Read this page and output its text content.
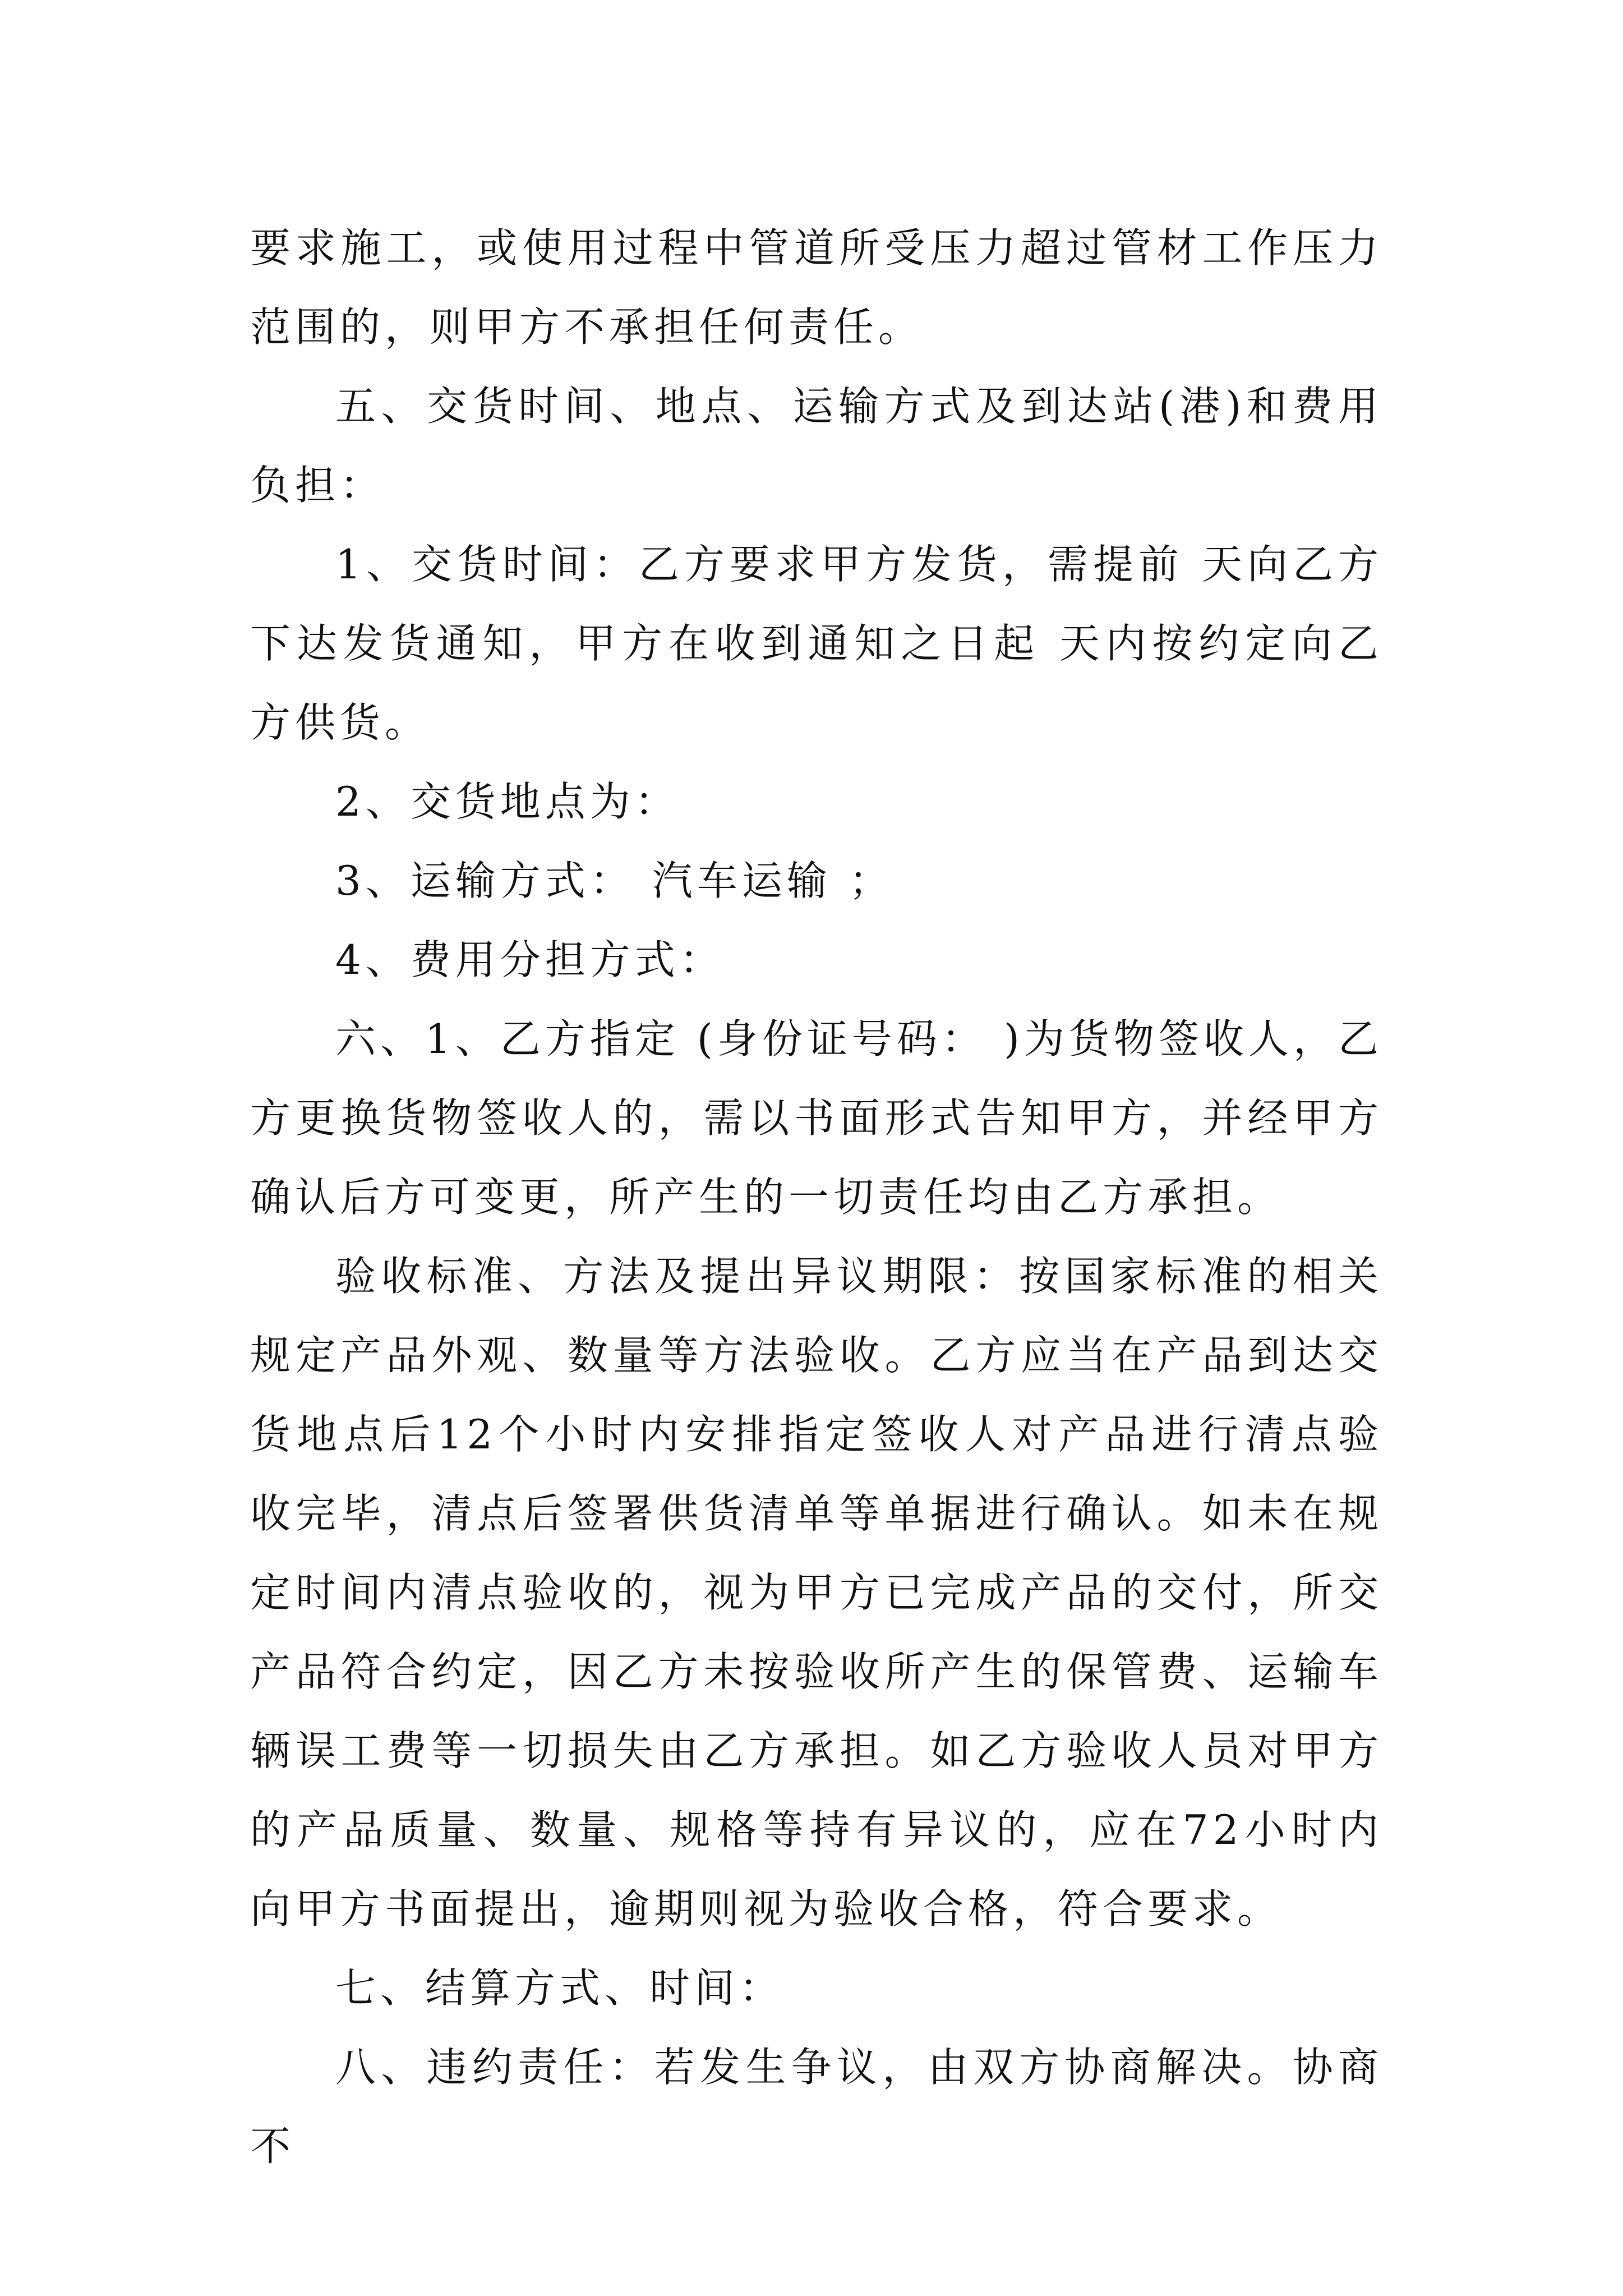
要求施工，或使用过程中管道所受压力超过管材工作压力范围的，则甲方不承担任何责任。

五、交货时间、地点、运输方式及到达站(港)和费用负担：

1、交货时间：乙方要求甲方发货，需提前 天向乙方下达发货通知，甲方在收到通知之日起 天内按约定向乙方供货。

2、交货地点为：

3、运输方式： 汽车运输 ；

4、费用分担方式：

六、1、乙方指定 (身份证号码： )为货物签收人，乙方更换货物签收人的，需以书面形式告知甲方，并经甲方确认后方可变更，所产生的一切责任均由乙方承担。

验收标准、方法及提出异议期限：按国家标准的相关规定产品外观、数量等方法验收。乙方应当在产品到达交货地点后12个小时内安排指定签收人对产品进行清点验收完毕，清点后签署供货清单等单据进行确认。如未在规定时间内清点验收的，视为甲方已完成产品的交付，所交产品符合约定，因乙方未按验收所产生的保管费、运输车辆误工费等一切损失由乙方承担。如乙方验收人员对甲方的产品质量、数量、规格等持有异议的，应在72小时内向甲方书面提出，逾期则视为验收合格，符合要求。

七、结算方式、时间：

八、违约责任：若发生争议，由双方协商解决。协商不
